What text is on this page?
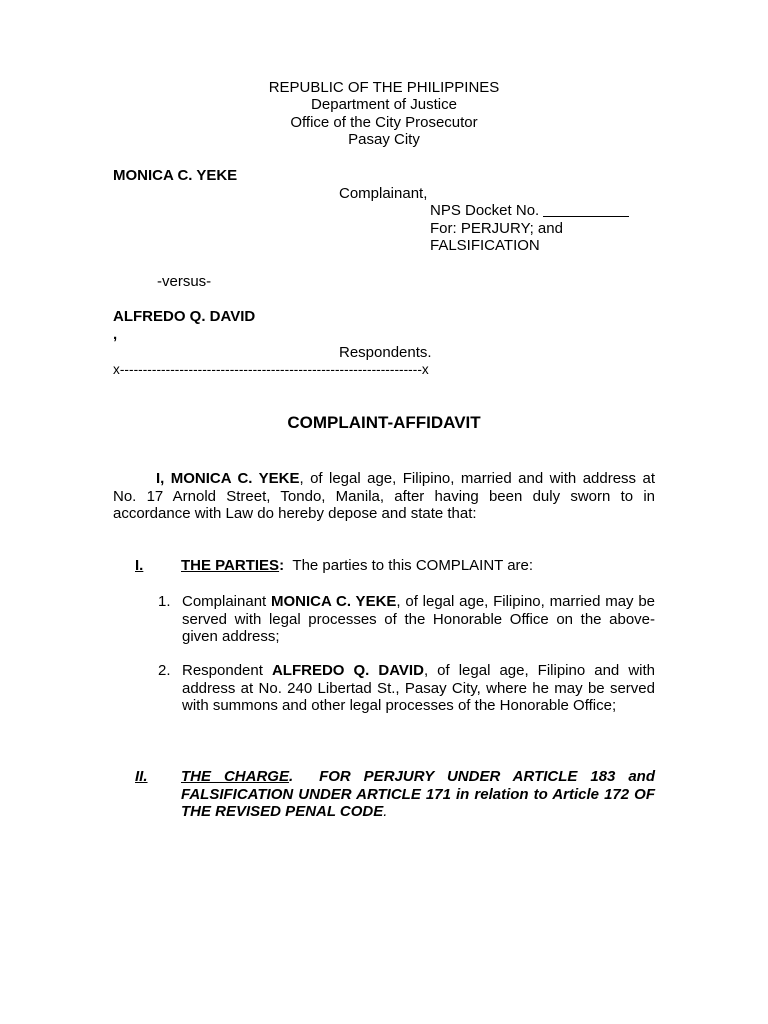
REPUBLIC OF THE PHILIPPINES
Department of Justice
Office of the City Prosecutor
Pasay City
MONICA C. YEKE
Complainant,
NPS Docket No.
For: PERJURY; and
FALSIFICATION
-versus-
ALFREDO Q. DAVID
,
Respondents.
x------------------------------------------------------------------x
COMPLAINT-AFFIDAVIT
I, MONICA C. YEKE, of legal age, Filipino, married and with address at No. 17 Arnold Street, Tondo, Manila, after having been duly sworn to in accordance with Law do hereby depose and state that:
I.	THE PARTIES: The parties to this COMPLAINT are:
1. Complainant MONICA C. YEKE, of legal age, Filipino, married may be served with legal processes of the Honorable Office on the above-given address;
2. Respondent ALFREDO Q. DAVID, of legal age, Filipino and with address at No. 240 Libertad St., Pasay City, where he may be served with summons and other legal processes of the Honorable Office;
II. THE CHARGE. FOR PERJURY UNDER ARTICLE 183 and FALSIFICATION UNDER ARTICLE 171 in relation to Article 172 OF THE REVISED PENAL CODE.
